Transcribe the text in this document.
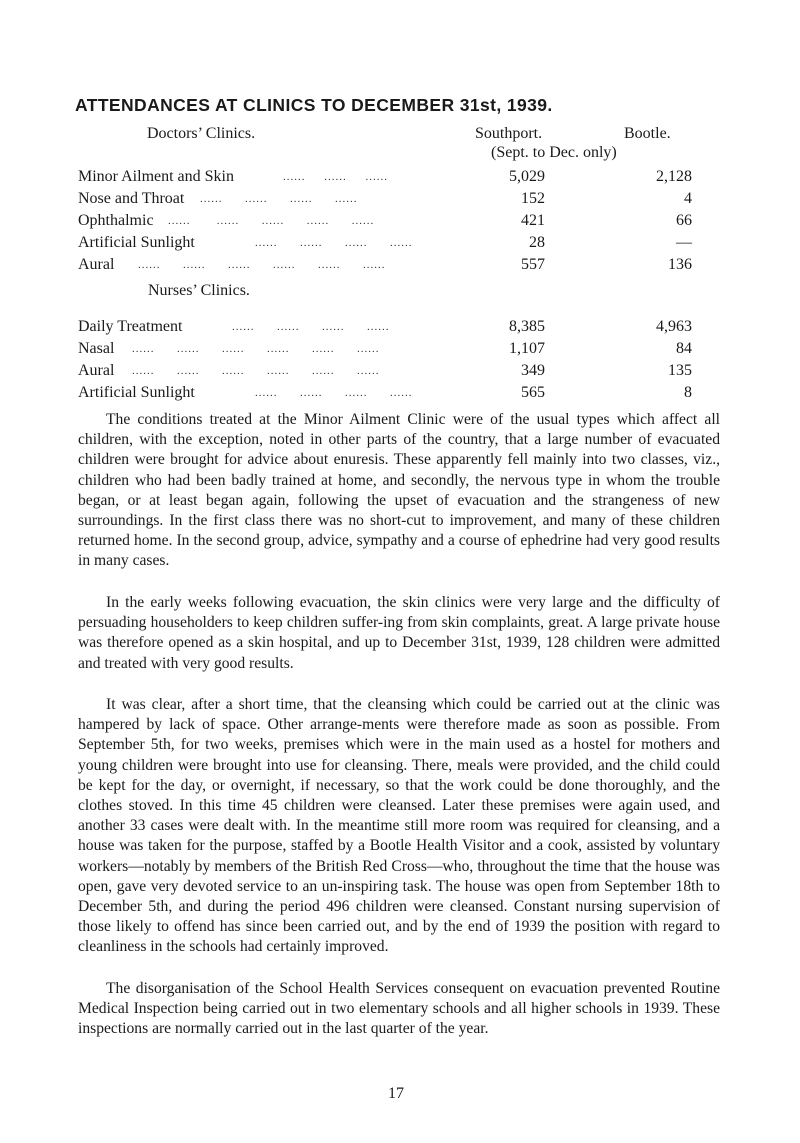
ATTENDANCES AT CLINICS TO DECEMBER 31st, 1939.
Doctors’ Clinics.	Southport.	Bootle.
(Sept. to Dec. only)
Minor Ailment and Skin	......     ......     ......	5,029	2,128
Nose and Throat ......      ......      ......      ......	152	4
Ophthalmic ......       ......      ......      ......      ......	421	66
Artificial Sunlight	......      ......      ......      ......	28	—
Aural ......      ......      ......      ......      ......      ......	557	136
Nurses’ Clinics.
Daily Treatment	......      ......      ......      ......	8,385	4,963
Nasal ......      ......      ......      ......      ......      ......	1,107	84
Aural ......      ......      ......      ......      ......      ......	349	135
Artificial Sunlight	......      ......      ......      ......	565	8

The conditions treated at the Minor Ailment Clinic were of the usual types which affect all children, with the exception, noted in other parts of the country, that a large number of evacuated children were brought for advice about enuresis. These apparently fell mainly into two classes, viz., children who had been badly trained at home, and secondly, the nervous type in whom the trouble began, or at least began again, following the upset of evacuation and the strangeness of new surroundings. In the first class there was no short-cut to improvement, and many of these children returned home. In the second group, advice, sympathy and a course of ephedrine had very good results in many cases.

In the early weeks following evacuation, the skin clinics were very large and the difficulty of persuading householders to keep children suffer-ing from skin complaints, great. A large private house was therefore opened as a skin hospital, and up to December 31st, 1939, 128 children were admitted and treated with very good results.

It was clear, after a short time, that the cleansing which could be carried out at the clinic was hampered by lack of space. Other arrange-ments were therefore made as soon as possible. From September 5th, for two weeks, premises which were in the main used as a hostel for mothers and young children were brought into use for cleansing. There, meals were provided, and the child could be kept for the day, or overnight, if necessary, so that the work could be done thoroughly, and the clothes stoved. In this time 45 children were cleansed. Later these premises were again used, and another 33 cases were dealt with. In the meantime still more room was required for cleansing, and a house was taken for the purpose, staffed by a Bootle Health Visitor and a cook, assisted by voluntary workers—notably by members of the British Red Cross—who, throughout the time that the house was open, gave very devoted service to an un-inspiring task. The house was open from September 18th to December 5th, and during the period 496 children were cleansed. Constant nursing supervision of those likely to offend has since been carried out, and by the end of 1939 the position with regard to cleanliness in the schools had certainly improved.

The disorganisation of the School Health Services consequent on evacuation prevented Routine Medical Inspection being carried out in two elementary schools and all higher schools in 1939. These inspections are normally carried out in the last quarter of the year.

17
